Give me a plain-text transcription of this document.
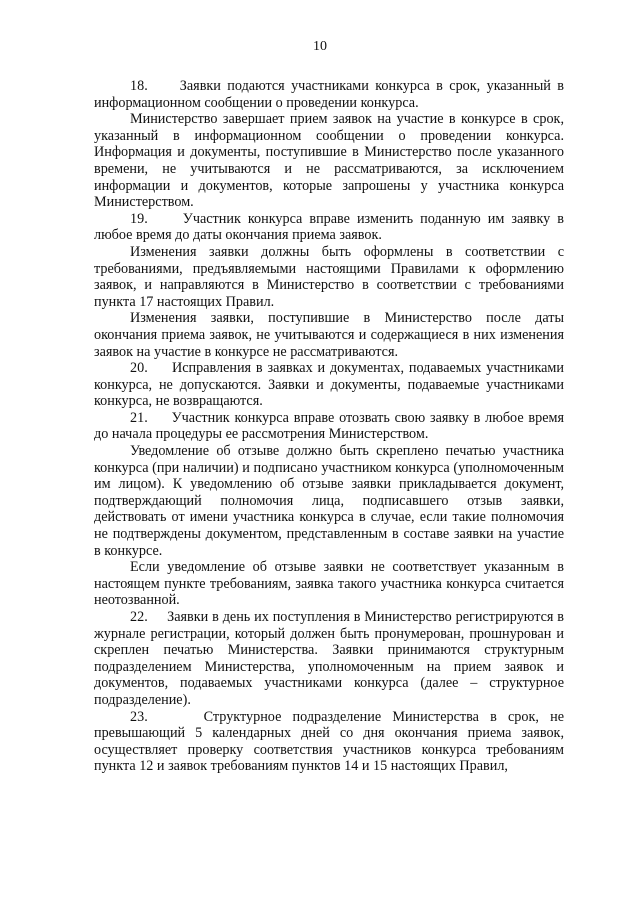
10

18.     Заявки подаются участниками конкурса в срок, указанный в информационном сообщении о проведении конкурса.

Министерство завершает прием заявок на участие в конкурсе в срок, указанный в информационном сообщении о проведении конкурса. Информация и документы, поступившие в Министерство после указанного времени, не учитываются и не рассматриваются, за исключением информации и документов, которые запрошены у участника конкурса Министерством.

19.     Участник конкурса вправе изменить поданную им заявку в любое время до даты окончания приема заявок.

Изменения заявки должны быть оформлены в соответствии с требованиями, предъявляемыми настоящими Правилами к оформлению заявок, и направляются в Министерство в соответствии с требованиями пункта 17 настоящих Правил.

Изменения заявки, поступившие в Министерство после даты окончания приема заявок, не учитываются и содержащиеся в них изменения заявок на участие в конкурсе не рассматриваются.

20.     Исправления в заявках и документах, подаваемых участниками конкурса, не допускаются. Заявки и документы, подаваемые участниками конкурса, не возвращаются.

21.     Участник конкурса вправе отозвать свою заявку в любое время до начала процедуры ее рассмотрения Министерством.

Уведомление об отзыве должно быть скреплено печатью участника конкурса (при наличии) и подписано участником конкурса (уполномоченным им лицом). К уведомлению об отзыве заявки прикладывается документ, подтверждающий полномочия лица, подписавшего отзыв заявки, действовать от имени участника конкурса в случае, если такие полномочия не подтверждены документом, представленным в составе заявки на участие в конкурсе.

Если уведомление об отзыве заявки не соответствует указанным в настоящем пункте требованиям, заявка такого участника конкурса считается неотозванной.

22.     Заявки в день их поступления в Министерство регистрируются в журнале регистрации, который должен быть пронумерован, прошнурован и скреплен печатью Министерства. Заявки принимаются структурным подразделением Министерства, уполномоченным на прием заявок и документов, подаваемых участниками конкурса (далее – структурное подразделение).

23.     Структурное подразделение Министерства в срок, не превышающий 5 календарных дней со дня окончания приема заявок, осуществляет проверку соответствия участников конкурса требованиям пункта 12 и заявок требованиям пунктов 14 и 15 настоящих Правил,
